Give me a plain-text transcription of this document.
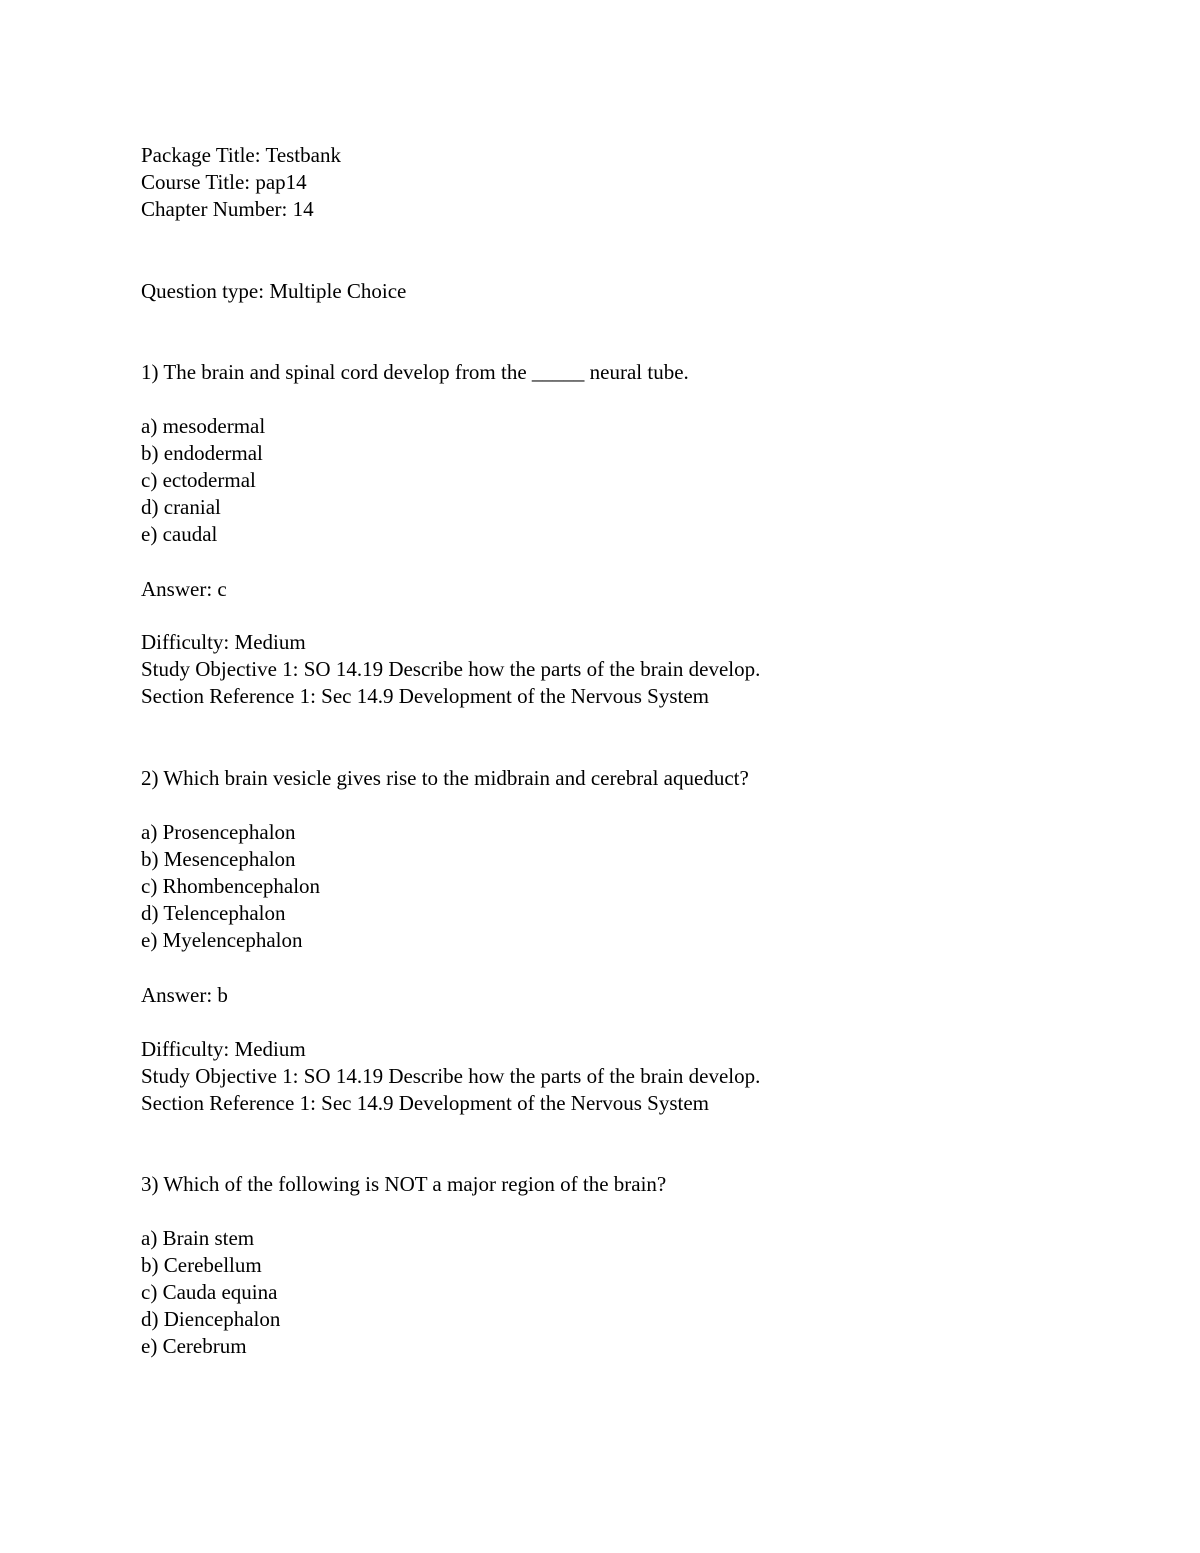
Package Title: Testbank
Course Title: pap14
Chapter Number: 14
Question type: Multiple Choice
1) The brain and spinal cord develop from the _____ neural tube.
a) mesodermal
b) endodermal
c) ectodermal
d) cranial
e) caudal
Answer: c
Difficulty: Medium
Study Objective 1: SO 14.19 Describe how the parts of the brain develop.
Section Reference 1: Sec 14.9 Development of the Nervous System
2) Which brain vesicle gives rise to the midbrain and cerebral aqueduct?
a) Prosencephalon
b) Mesencephalon
c) Rhombencephalon
d) Telencephalon
e) Myelencephalon
Answer: b
Difficulty: Medium
Study Objective 1: SO 14.19 Describe how the parts of the brain develop.
Section Reference 1: Sec 14.9 Development of the Nervous System
3) Which of the following is NOT a major region of the brain?
a) Brain stem
b) Cerebellum
c) Cauda equina
d) Diencephalon
e) Cerebrum
